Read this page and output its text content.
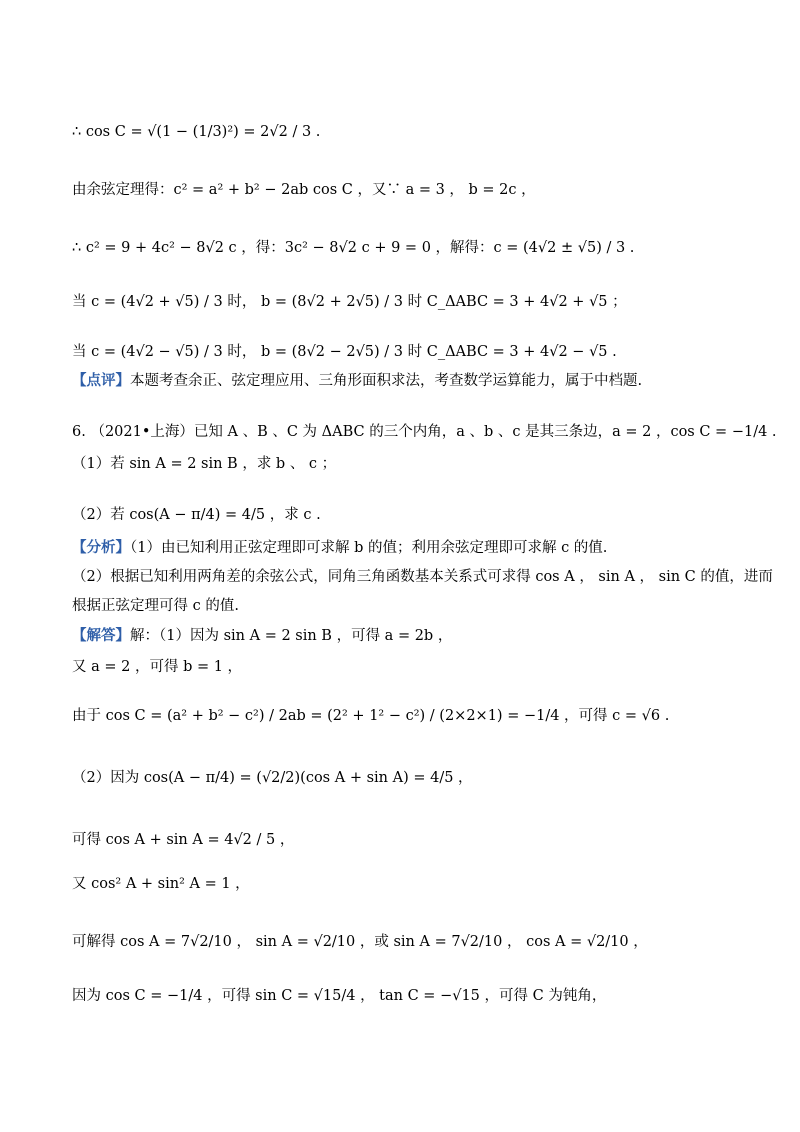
∴ cos C = √(1 − (1/3)²) = 2√2 / 3 .
由余弦定理得：c² = a² + b² − 2ab cos C ，又∵ a = 3 ， b = 2c ，
∴ c² = 9 + 4c² − 8√2 c ，得：3c² − 8√2 c + 9 = 0 ，解得：c = (4√2 ± √5) / 3 .
当 c = (4√2 + √5) / 3 时， b = (8√2 + 2√5) / 3 时 C_ΔABC = 3 + 4√2 + √5 ；
当 c = (4√2 − √5) / 3 时， b = (8√2 − 2√5) / 3 时 C_ΔABC = 3 + 4√2 − √5 .
【点评】本题考查余正、弦定理应用、三角形面积求法，考查数学运算能力，属于中档题.
6. （2021•上海）已知 A 、B 、C 为 ΔABC 的三个内角，a 、b 、c 是其三条边，a = 2 ，cos C = −1/4 .
（1）若 sin A = 2 sin B ，求 b 、 c ；
（2）若 cos(A − π/4) = 4/5 ，求 c .
【分析】（1）由已知利用正弦定理即可求解 b 的值；利用余弦定理即可求解 c 的值.
（2）根据已知利用两角差的余弦公式，同角三角函数基本关系式可求得 cos A ， sin A ， sin C 的值，进而
根据正弦定理可得 c 的值.
【解答】解：（1）因为 sin A = 2 sin B ，可得 a = 2b ，
又 a = 2 ，可得 b = 1 ，
由于 cos C = (a² + b² − c²) / 2ab = (2² + 1² − c²) / (2×2×1) = −1/4 ，可得 c = √6 .
（2）因为 cos(A − π/4) = (√2/2)(cos A + sin A) = 4/5 ，
可得 cos A + sin A = 4√2 / 5 ，
又 cos² A + sin² A = 1 ，
可解得 cos A = 7√2/10 ， sin A = √2/10 ，或 sin A = 7√2/10 ， cos A = √2/10 ，
因为 cos C = −1/4 ，可得 sin C = √15/4 ， tan C = −√15 ，可得 C 为钝角，
